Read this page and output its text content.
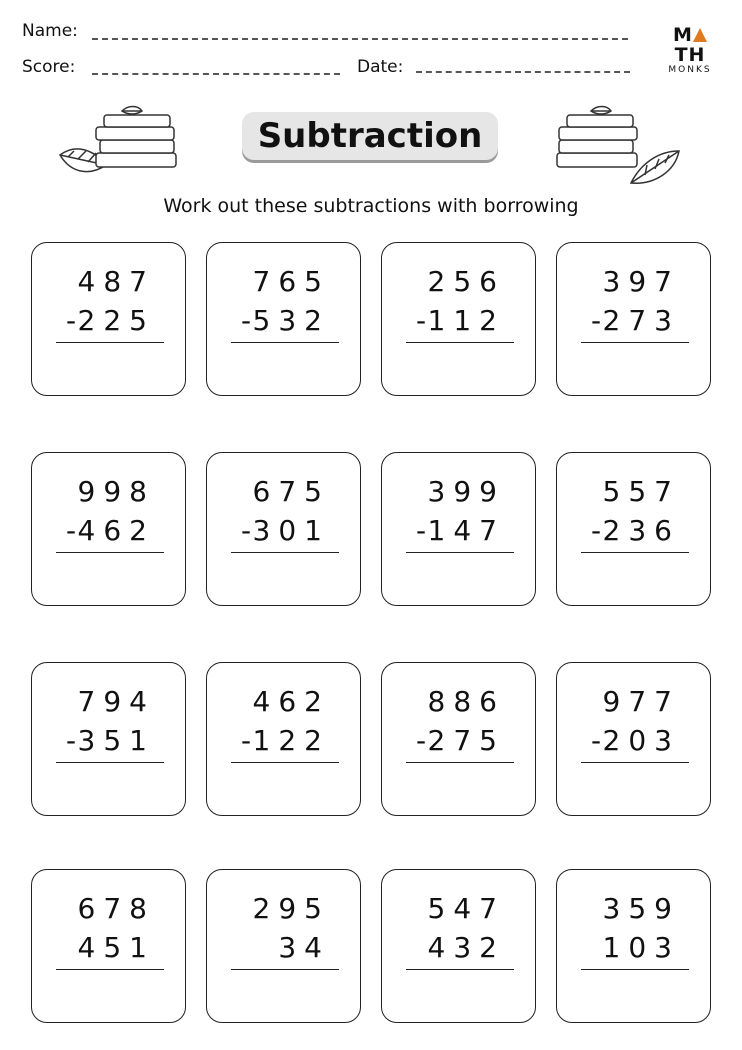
Name:
Score:	Date:
MTH
MONKS
Subtraction
Work out these subtractions with borrowing
487
- 225
765
- 532
256
- 112
397
- 273
998
- 462
675
- 301
399
- 147
557
- 236
794
- 351
462
- 122
886
- 275
977
- 203
678
451
295
34
547
432
359
103
